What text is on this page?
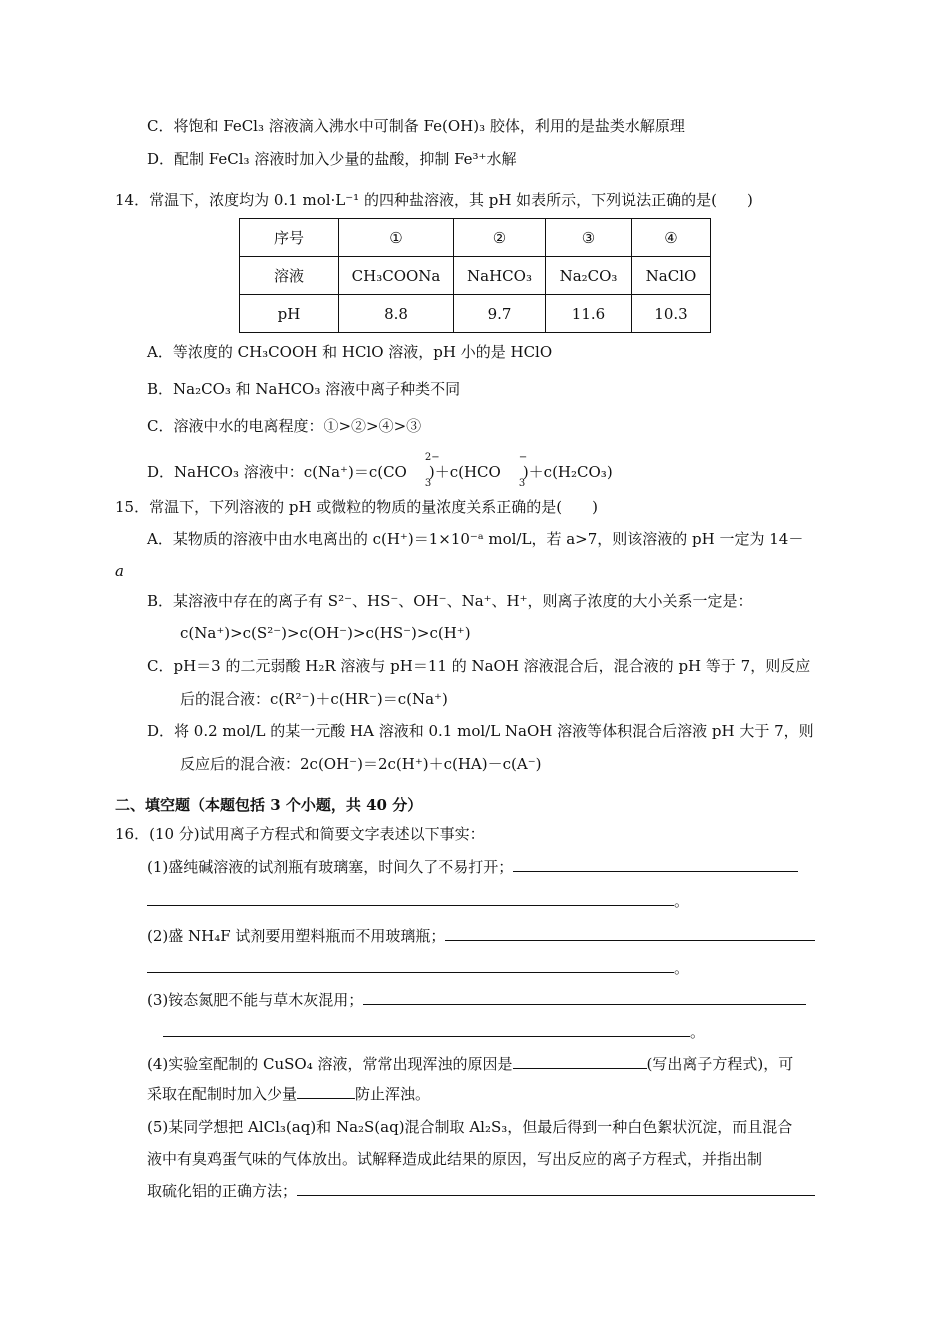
C．将饱和 FeCl₃ 溶液滴入沸水中可制备 Fe(OH)₃ 胶体，利用的是盐类水解原理
D．配制 FeCl₃ 溶液时加入少量的盐酸，抑制 Fe³⁺水解
14．常温下，浓度均为 0.1 mol·L⁻¹ 的四种盐溶液，其 pH 如表所示，下列说法正确的是(　　)
序号	①	②	③	④
溶液	CH₃COONa	NaHCO₃	Na₂CO₃	NaClO
pH	8.8	9.7	11.6	10.3
A．等浓度的 CH₃COOH 和 HClO 溶液，pH 小的是 HClO
B．Na₂CO₃ 和 NaHCO₃ 溶液中离子种类不同
C．溶液中水的电离程度：①>②>④>③
D．NaHCO₃ 溶液中：c(Na⁺)＝c(CO
2−
3
)＋c(HCO
−
3
)＋c(H₂CO₃)
15．常温下，下列溶液的 pH 或微粒的物质的量浓度关系正确的是(　　)
A．某物质的溶液中由水电离出的 c(H⁺)＝1×10⁻ᵃ mol/L，若 a>7，则该溶液的 pH 一定为 14－
a
B．某溶液中存在的离子有 S²⁻、HS⁻、OH⁻、Na⁺、H⁺，则离子浓度的大小关系一定是：
c(Na⁺)>c(S²⁻)>c(OH⁻)>c(HS⁻)>c(H⁺)
C．pH＝3 的二元弱酸 H₂R 溶液与 pH＝11 的 NaOH 溶液混合后，混合液的 pH 等于 7，则反应
后的混合液：c(R²⁻)＋c(HR⁻)＝c(Na⁺)
D．将 0.2 mol/L 的某一元酸 HA 溶液和 0.1 mol/L NaOH 溶液等体积混合后溶液 pH 大于 7，则
反应后的混合液：2c(OH⁻)＝2c(H⁺)＋c(HA)－c(A⁻)
二、填空题（本题包括 3 个小题，共 40 分）
16．(10 分)试用离子方程式和简要文字表述以下事实：
(1)盛纯碱溶液的试剂瓶有玻璃塞，时间久了不易打开；
。
(2)盛 NH₄F 试剂要用塑料瓶而不用玻璃瓶；
。
(3)铵态氮肥不能与草木灰混用；
。
(4)实验室配制的 CuSO₄ 溶液，常常出现浑浊的原因是	(写出离子方程式)，可
采取在配制时加入少量	防止浑浊。
(5)某同学想把 AlCl₃(aq)和 Na₂S(aq)混合制取 Al₂S₃，但最后得到一种白色絮状沉淀，而且混合
液中有臭鸡蛋气味的气体放出。试解释造成此结果的原因，写出反应的离子方程式，并指出制
取硫化铝的正确方法；
